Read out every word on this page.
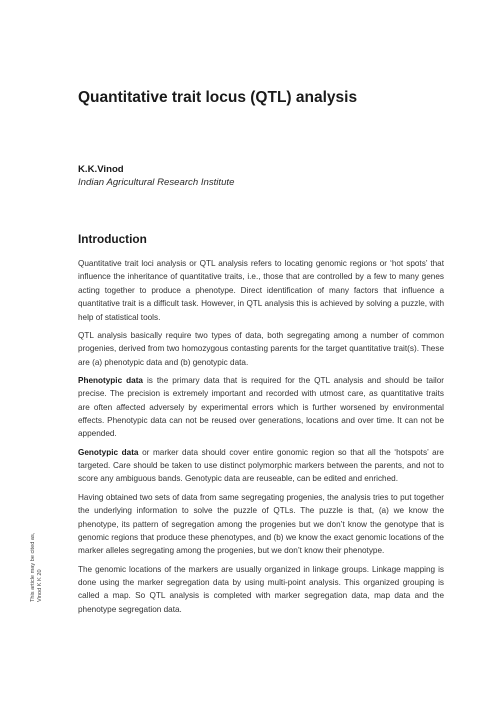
Quantitative trait locus (QTL) analysis
K.K.Vinod
Indian Agricultural Research Institute
Introduction

Quantitative trait loci analysis or QTL analysis refers to locating genomic regions or ‘hot spots’ that influence the inheritance of quantitative traits, i.e., those that are controlled by a few to many genes acting together to produce a phenotype. Direct identification of many factors that influence a quantitative trait is a difficult task. However, in QTL analysis this is achieved by solving a puzzle, with help of statistical tools.

QTL analysis basically require two types of data, both segregating among a number of common progenies, derived from two homozygous contasting parents for the target quantitative trait(s). These are (a) phenotypic data and (b) genotypic data.

Phenotypic data is the primary data that is required for the QTL analysis and should be tailor precise. The precision is extremely important and recorded with utmost care, as quantitative traits are often affected adversely by experimental errors which is further worsened by environmental effects. Phenotypic data can not be reused over generations, locations and over time. It can not be appended.

Genotypic data or marker data should cover entire gonomic region so that all the ‘hotspots’ are targeted. Care should be taken to use distinct polymorphic markers between the parents, and not to score any ambiguous bands. Genotypic data are reuseable, can be edited and enriched.

Having obtained two sets of data from same segregating progenies, the analysis tries to put together the underlying information to solve the puzzle of QTLs. The puzzle is that, (a) we know the phenotype, its pattern of segregation among the progenies but we don’t know the genotype that is genomic regions that produce these phenotypes, and (b) we know the exact genomic locations of the marker alleles segregating among the progenies, but we don’t know their phenotype.

The genomic locations of the markers are usually organized in linkage groups. Linkage mapping is done using the marker segregation data by using multi-point analysis. This organized grouping is called a map. So QTL analysis is completed with marker segregation data, map data and the phenotype segregation data.

This article may be cited as, Vinod K K 20
